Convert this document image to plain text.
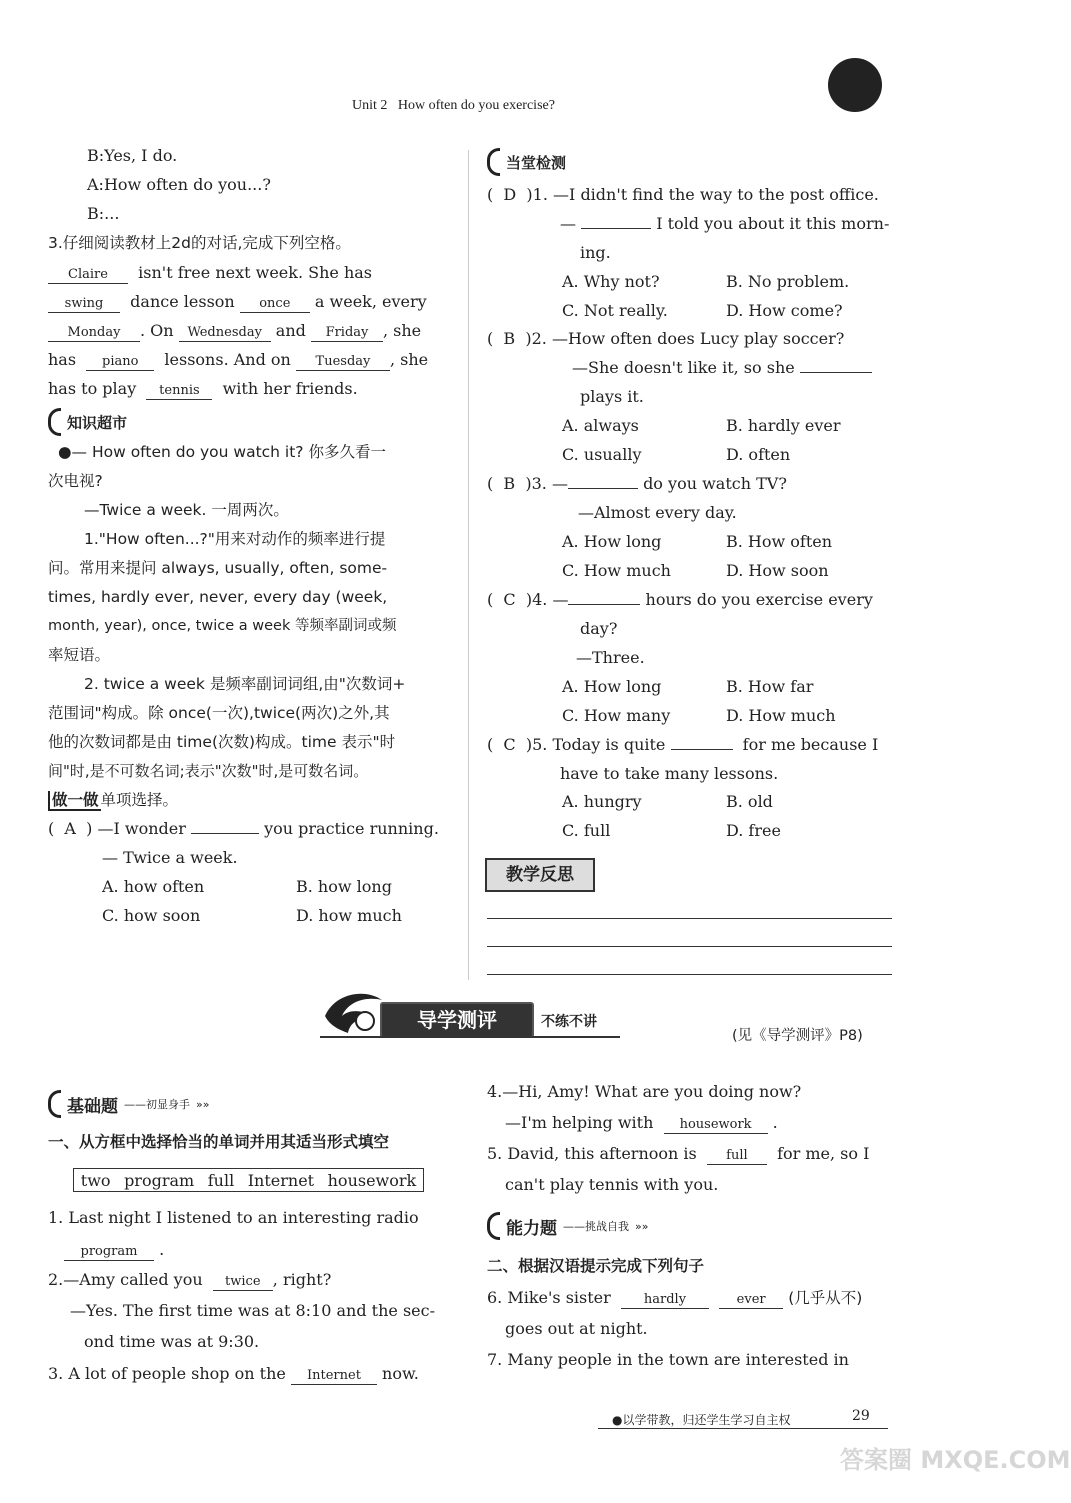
Unit 2 How often do you exercise?
B:Yes, I do.
A:How often do you...?
B:...
3.仔细阅读教材上2d的对话,完成下列空格。
Claire isn't free next week. She has
swing dance lesson once a week, every
Monday . On Wednesday and Friday , she
has piano lessons. And on Tuesday , she
has to play tennis with her friends.
知识超市
●— How often do you watch it? 你多久看一
次电视?
—Twice a week. 一周两次。
1."How often...?"用来对动作的频率进行提
问。常用来提问 always, usually, often, some-
times, hardly ever, never, every day (week,
month, year), once, twice a week 等频率副词或频
率短语。
2. twice a week 是频率副词词组,由"次数词+
范围词"构成。除 once(一次),twice(两次)之外,其
他的次数词都是由 time(次数)构成。time 表示"时
间"时,是不可数名词;表示"次数"时,是可数名词。
做一做 单项选择。
(  A  ) —I wonder	you practice running.
— Twice a week.
A. how often	B. how long
C. how soon	D. how much
当堂检测
(  D  )1. —I didn't find the way to the post office.
—	I told you about it this morn-
ing.
A. Why not?	B. No problem.
C. Not really.	D. How come?
(  B  )2. —How often does Lucy play soccer?
—She doesn't like it, so she
plays it.
A. always	B. hardly ever
C. usually	D. often
(  B  )3. —	do you watch TV?
—Almost every day.
A. How long	B. How often
C. How much	D. How soon
(  C  )4. —	hours do you exercise every
day?
—Three.
A. How long	B. How far
C. How many	D. How much
(  C  )5. Today is quite	for me because I
have to take many lessons.
A. hungry	B. old
C. full	D. free
教学反思
导学测评	不练不讲
(见《导学测评》P8)
基础题 ——初显身手 »»
一、从方框中选择恰当的单词并用其适当形式填空
two program full Internet housework
1. Last night I listened to an interesting radio
program .
2.—Amy called you twice , right?
—Yes. The first time was at 8:10 and the sec-
ond time was at 9:30.
3. A lot of people shop on the Internet now.
4.—Hi, Amy! What are you doing now?
—I'm helping with housework .
5. David, this afternoon is full for me, so I
can't play tennis with you.
能力题 ——挑战自我 »»
二、根据汉语提示完成下列句子
6. Mike's sister	hardly	ever (几乎从不)
goes out at night.
7. Many people in the town are interested in
●以学带教，归还学生学习自主权	29
答案圈 MXQE.COM
